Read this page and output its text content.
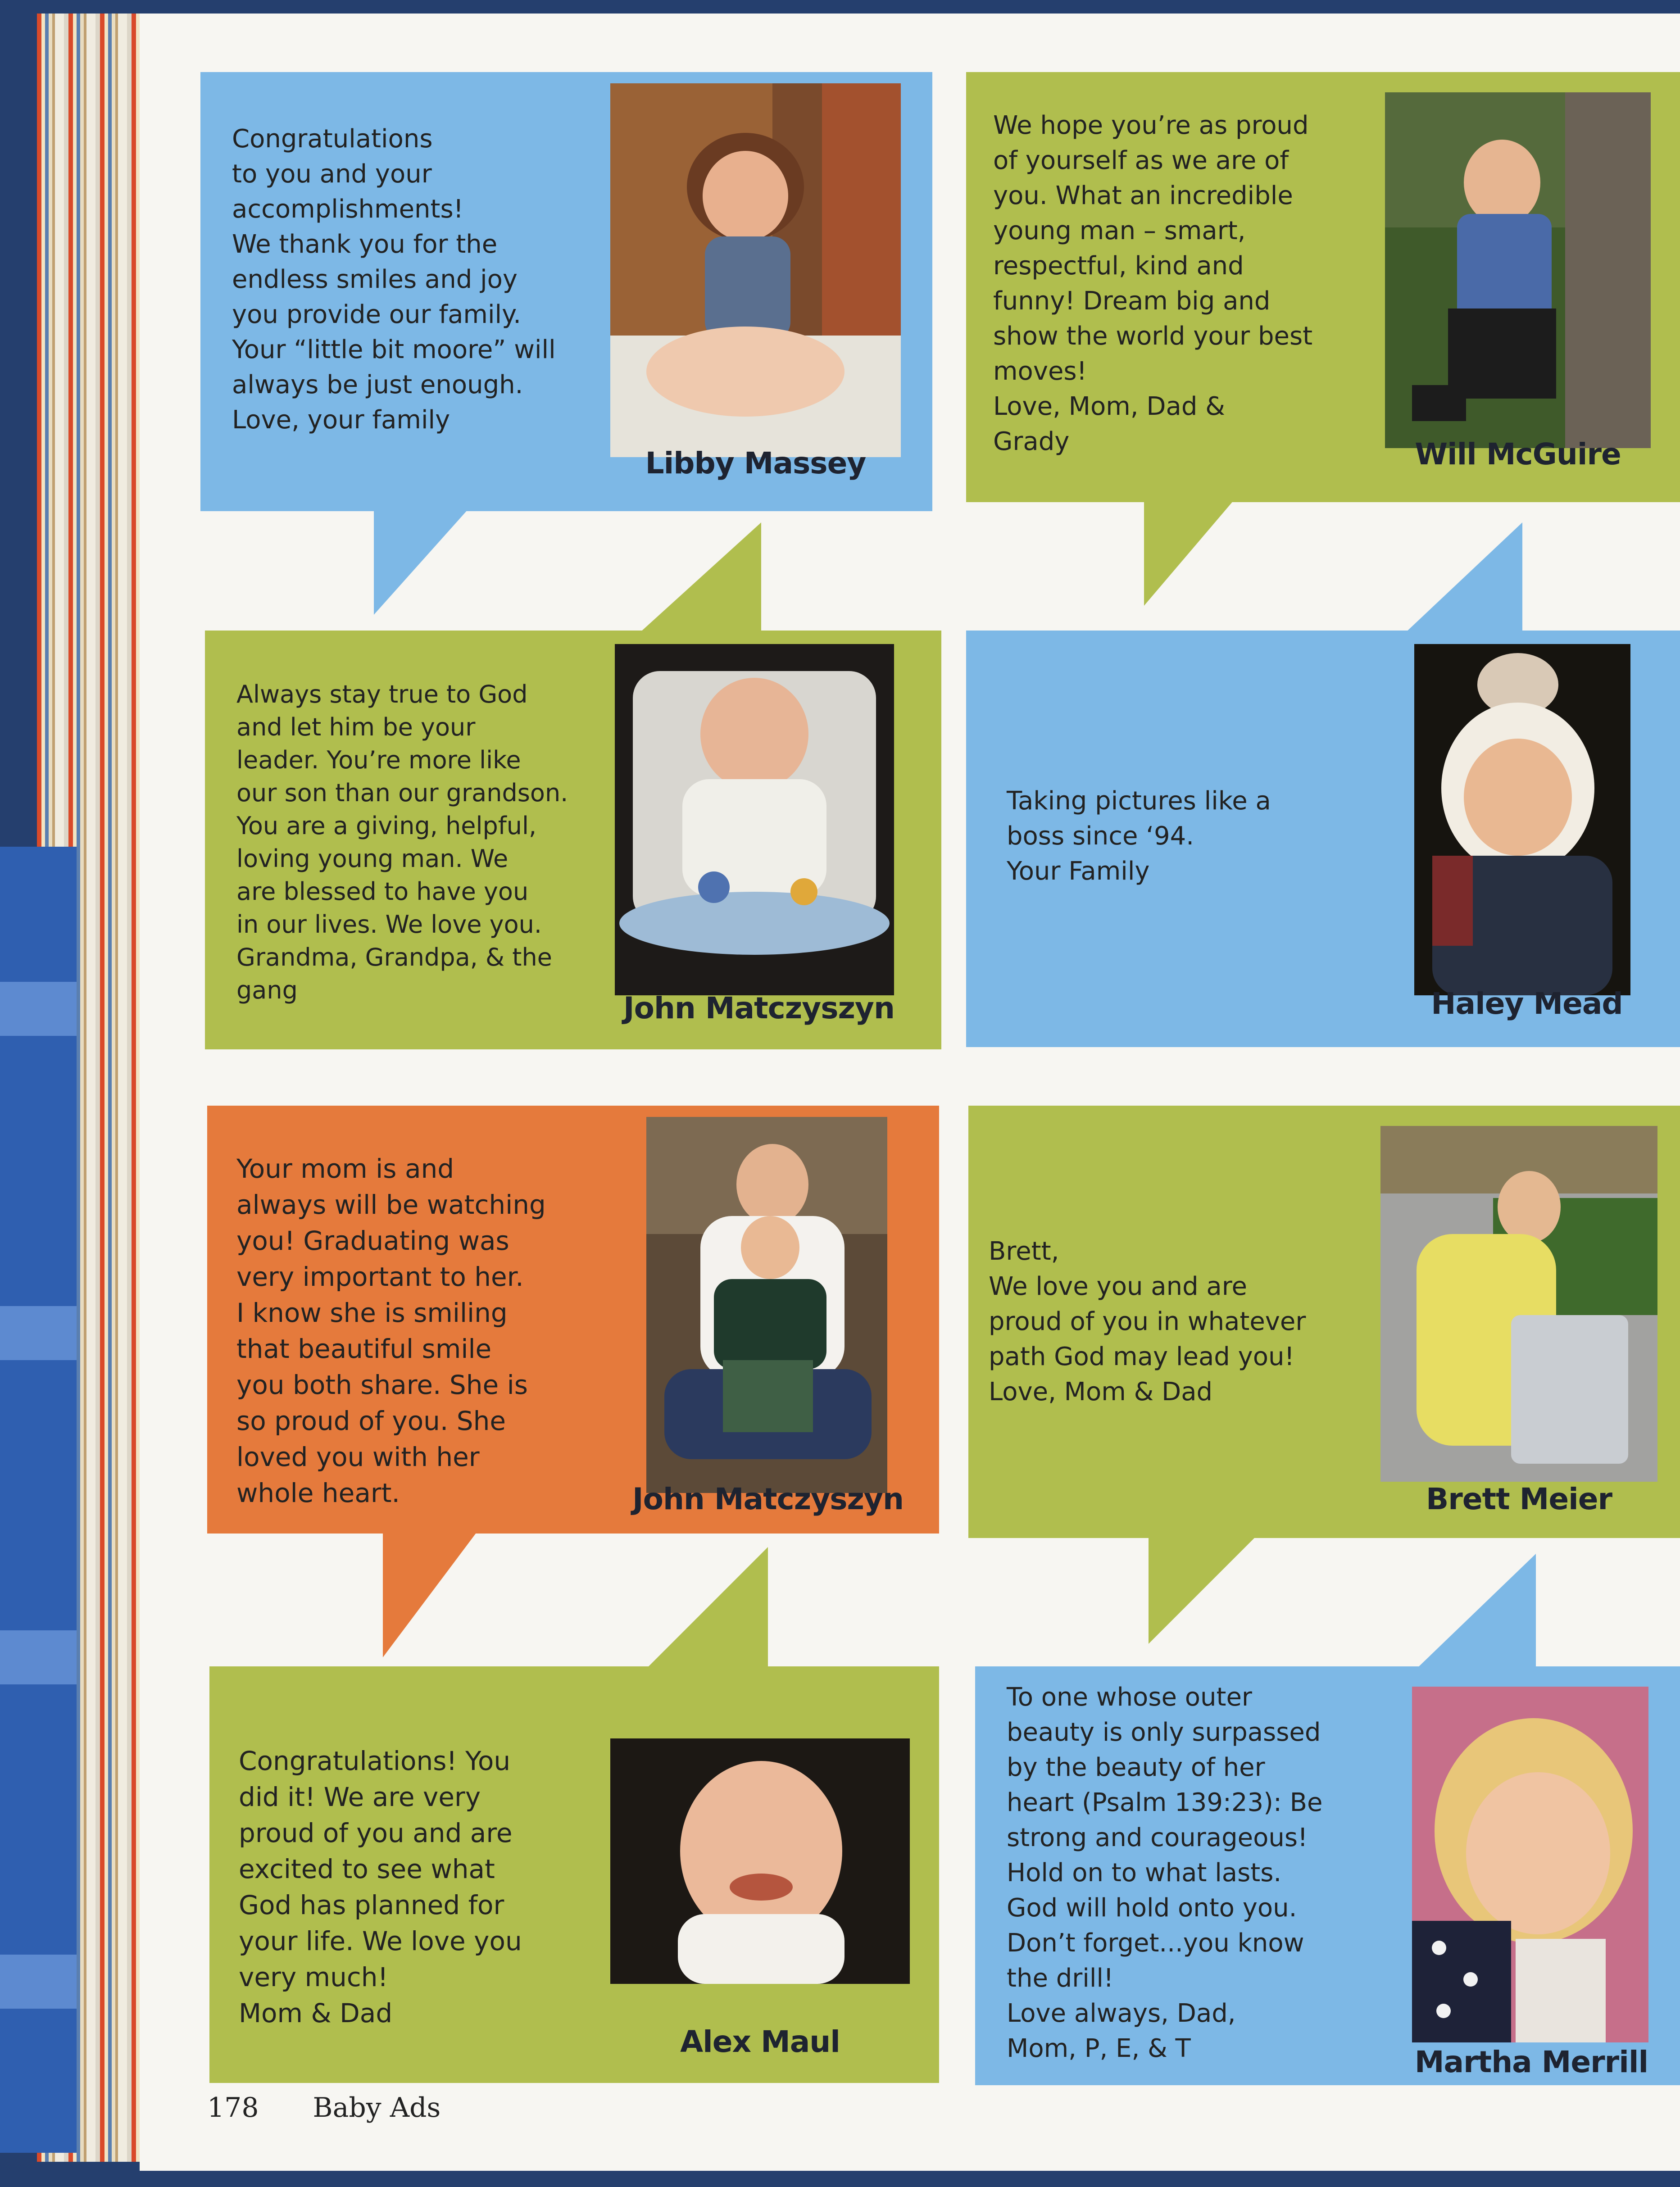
Congratulations
to you and your
accomplishments!
We thank you for the
endless smiles and joy
you provide our family.
Your “little bit moore” will
always be just enough.
Love, your family
Libby Massey
We hope you’re as proud
of yourself as we are of
you. What an incredible
young man – smart,
respectful, kind and
funny! Dream big and
show the world your best
moves!
Love, Mom, Dad &
Grady	Will McGuire
Always stay true to God
and let him be your
leader. You’re more like
our son than our grandson.
You are a giving, helpful,
loving young man. We
are blessed to have you
in our lives. We love you.
Grandma, Grandpa, & the
gang
John Matczyszyn
Taking pictures like a
boss since ‘94.
Your Family
Haley Mead
Your mom is and
always will be watching
you! Graduating was
very important to her.
I know she is smiling
that beautiful smile
you both share. She is
so proud of you. She
loved you with her
whole heart.	John Matczyszyn
Brett,
We love you and are
proud of you in whatever
path God may lead you!
Love, Mom & Dad
Brett Meier
Congratulations! You
did it! We are very
proud of you and are
excited to see what
God has planned for
your life. We love you
very much!
Mom & Dad
Alex Maul
To one whose outer
beauty is only surpassed
by the beauty of her
heart (Psalm 139:23): Be
strong and courageous!
Hold on to what lasts.
God will hold onto you.
Don’t forget...you know
the drill!
Love always, Dad,
Mom, P, E, & T	Martha Merrill
178 Baby Ads
